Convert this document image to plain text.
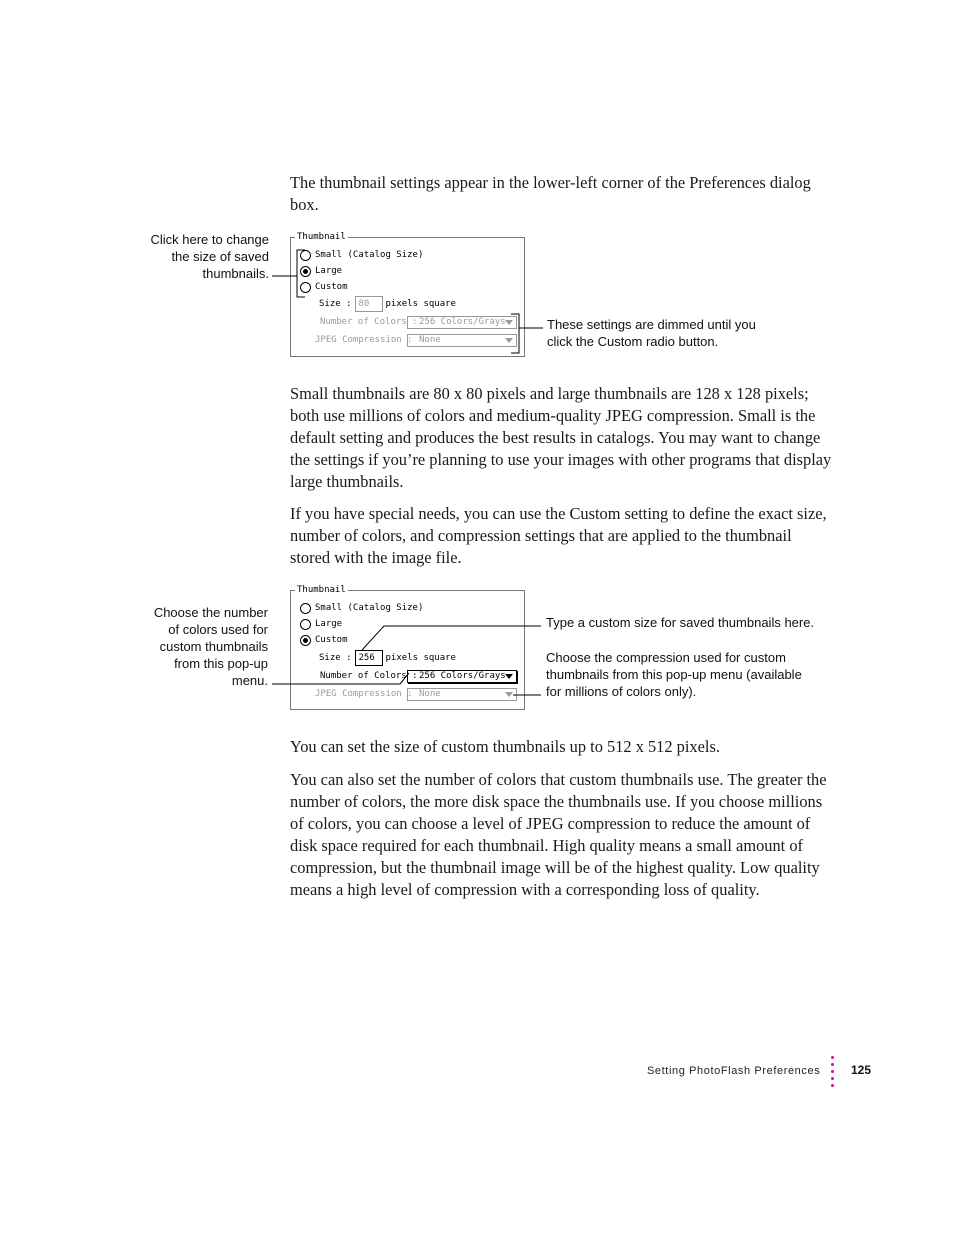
The thumbnail settings appear in the lower-left corner of the Preferences dialog box.

Click here to change the size of saved thumbnails.

Thumbnail
Small (Catalog Size)
Large
Custom
Size : 80	pixels square
Number of Colors : 256 Colors/Grays
JPEG Compression : None

These settings are dimmed until you click the Custom radio button.

Small thumbnails are 80 x 80 pixels and large thumbnails are 128 x 128 pixels; both use millions of colors and medium-quality JPEG compression. Small is the default setting and produces the best results in catalogs. You may want to change the settings if you’re planning to use your images with other programs that display large thumbnails.

If you have special needs, you can use the Custom setting to define the exact size, number of colors, and compression settings that are applied to the thumbnail stored with the image file.

Choose the number of colors used for custom thumbnails from this pop-up menu.

Thumbnail
Small (Catalog Size)
Large
Custom
Size : 256	pixels square
Number of Colors : 256 Colors/Grays
JPEG Compression : None

Type a custom size for saved thumbnails here.

Choose the compression used for custom thumbnails from this pop-up menu (available for millions of colors only).

You can set the size of custom thumbnails up to 512 x 512 pixels.

You can also set the number of colors that custom thumbnails use. The greater the number of colors, the more disk space the thumbnails use. If you choose millions of colors, you can choose a level of JPEG compression to reduce the amount of disk space required for each thumbnail. High quality means a small amount of compression, but the thumbnail image will be of the highest quality. Low quality means a high level of compression with a corresponding loss of quality.

Setting PhotoFlash Preferences	125
